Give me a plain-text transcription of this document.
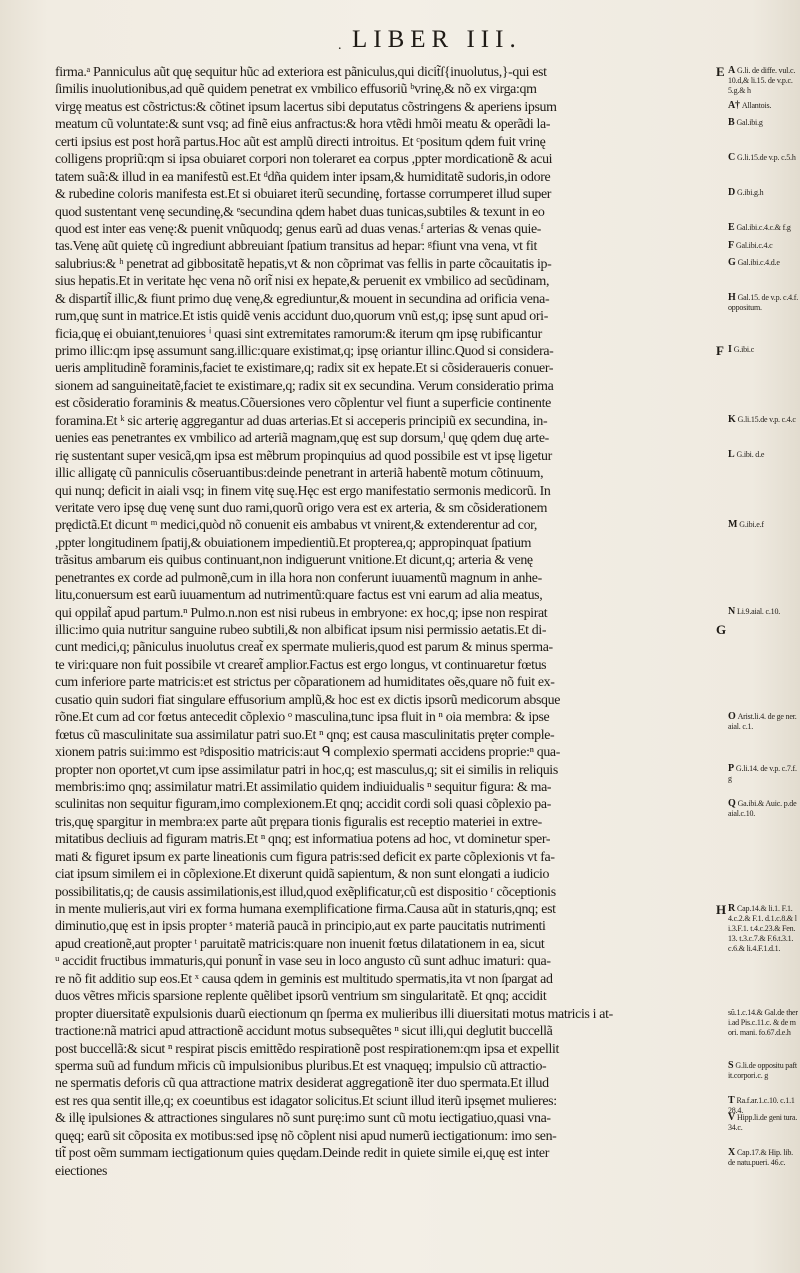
. LIBER III.
firma.ᵃ Panniculus aũt quę sequitur hũc ad exteriora est pãniculus,qui dicit̃ſ{inuolutus,}-qui est
ſimilis inuolutionibus,ad quẽ quidem penetrat ex vmbilico effusoriũ ᵇvrinę,& nõ ex virga:qm
virgę meatus est cõstrictus:& cõtinet ipsum lacertus sibi deputatus cõstringens & aperiens ipsum
meatum cũ voluntate:& sunt vsq; ad finẽ eius anfractus:& hora vtẽdi hmõi meatu & operãdi la-
certi ipsius est post horã partus.Hoc aũt est amplũ directi introitus. Et ᶜpositum qdem fuit vrinę
colligens propriũ:qm si ipsa obuiaret corpori non toleraret ea corpus ,ppter mordicationẽ & acui
tatem suã:& illud in ea manifestũ est.Et ᵈdña quidem inter ipsam,& humiditatẽ sudoris,in odore
& rubedine coloris manifesta est.Et si obuiaret iterũ secundinę, fortasse corrumperet illud super
quod sustentant venę secundinę,& ᵉsecundina qdem habet duas tunicas,subtiles & texunt in eo
quod est inter eas venę:& puenit vnũquodq; genus earũ ad duas venas.ᶠ arterias & venas quie-
tas.Venę aũt quietę cũ ingrediunt abbreuiant ſpatium transitus ad hepar: ᵍfiunt vna vena, vt fit
salubrius:& ʰ penetrat ad gibbositatẽ hepatis,vt & non cõprimat vas fellis in parte cõcauitatis ip-
sius hepatis.Et in veritate hęc vena nõ orit̃ nisi ex hepate,& peruenit ex vmbilico ad secũdinam,
& dispartit̃ illic,& fiunt primo duę venę,& egrediuntur,& mouent in secundina ad orificia vena-
rum,quę sunt in matrice.Et istis quidẽ venis accidunt duo,quorum vnũ est,q; ipsę sunt apud ori-
ficia,quę ei obuiant,tenuiores ⁱ quasi sint extremitates ramorum:& iterum qm ipsę rubificantur
primo illic:qm ipsę assumunt sang.illic:quare existimat,q; ipsę oriantur illinc.Quod si considera-
ueris amplitudinẽ foraminis,faciet te existimare,q; radix sit ex hepate.Et si cõsideraueris conuer-
sionem ad sanguineitatẽ,faciet te existimare,q; radix sit ex secundina. Verum consideratio prima
est cõsideratio foraminis & meatus.Cõuersiones vero cõplentur vel fiunt a superficie continente
foramina.Et ᵏ sic arterię aggregantur ad duas arterias.Et si acceperis principiũ ex secundina, in-
uenies eas penetrantes ex vmbilico ad arteriã magnam,quę est sup dorsum,ˡ quę qdem duę arte-
rię sustentant super vesicã,qm ipsa est mẽbrum propinquius ad quod possibile est vt ipsę ligetur
illic alligatę cũ panniculis cõseruantibus:deinde penetrant in arteriã habentẽ motum cõtinuum,
qui nunq; deficit in aiali vsq; in finem vitę suę.Hęc est ergo manifestatio sermonis medicorũ. In
veritate vero ipsę duę venę sunt duo rami,quorũ origo vera est ex arteria, & sm cõsiderationem
prędictã.Et dicunt ᵐ medici,quòd nõ conuenit eis ambabus vt vnirent,& extenderentur ad cor,
,ppter longitudinem ſpatij,& obuiationem impedientiũ.Et propterea,q; appropinquat ſpatium
trãsitus ambarum eis quibus continuant,non indiguerunt vnitione.Et dicunt,q; arteria & venę
penetrantes ex corde ad pulmonẽ,cum in illa hora non conferunt iuuamentũ magnum in anhe-
litu,conuersum est earũ iuuamentum ad nutrimentũ:quare factus est vni earum ad alia meatus,
qui oppilat̃ apud partum.ⁿ Pulmo.n.non est nisi rubeus in embryone: ex hoc,q; ipse non respirat
illic:imo quia nutritur sanguine rubeo subtili,& non albificat ipsum nisi permissio aetatis.Et di-
cunt medici,q; pãniculus inuolutus creat̃ ex spermate mulieris,quod est parum & minus sperma-
te viri:quare non fuit possibile vt crearet̃ amplior.Factus est ergo longus, vt continuaretur fœtus
cum inferiore parte matricis:et est strictus per cõparationem ad humiditates oẽs,quare nõ fuit ex-
cusatio quin sudori fiat singulare effusorium amplũ,& hoc est ex dictis ipsorũ medicorum absque
rõne.Et cum ad cor fœtus antecedit cõplexio ᵒ masculina,tunc ipsa fluit in ⁿ oia membra: & ipse
fœtus cũ masculinitate sua assimilatur patri suo.Et ⁿ qnq; est causa masculinitatis pręter comple-
xionem patris sui:immo est ᵖdispositio matricis:aut ᑫ complexio spermati accidens proprie:ⁿ qua-
propter non oportet,vt cum ipse assimilatur patri in hoc,q; est masculus,q; sit ei similis in reliquis
membris:imo qnq; assimilatur matri.Et assimilatio quidem indiuidualis ⁿ sequitur figura: & ma-
sculinitas non sequitur figuram,imo complexionem.Et qnq; accidit cordi soli quasi cõplexio pa-
tris,quę spargitur in membra:ex parte aũt prępara tionis figuralis est receptio materiei in extre-
mitatibus decliuis ad figuram matris.Et ⁿ qnq; est informatiua potens ad hoc, vt dominetur sper-
mati & figuret ipsum ex parte lineationis cum figura patris:sed deficit ex parte cõplexionis vt fa-
ciat ipsum similem ei in cõplexione.Et dixerunt quidã sapientum, & non sunt elongati a iudicio
possibilitatis,q; de causis assimilationis,est illud,quod exẽplificatur,cũ est dispositio ʳ cõceptionis
in mente mulieris,aut viri ex forma humana exemplificatione firma.Causa aũt in staturis,qnq; est
diminutio,quę est in ipsis propter ˢ materiã paucã in principio,aut ex parte paucitatis nutrimenti
apud creationẽ,aut propter ᵗ paruitatẽ matricis:quare non inuenit fœtus dilatationem in ea, sicut
ᵘ accidit fructibus immaturis,qui ponunt̃ in vase seu in loco angusto cũ sunt adhuc imaturi: qua-
re nõ fit additio sup eos.Et ˣ causa qdem in geminis est multitudo spermatis,ita vt non ſpargat ad
duos vẽtres mřicis sparsione replente quẽlibet ipsorũ ventrium sm singularitatẽ. Et qnq; accidit
propter diuersitatẽ expulsionis duarũ eiectionum qn ſperma ex mulieribus illi diuersitati motus matricis i at-
tractione:nã matrici apud attractionẽ accidunt motus subsequẽtes ⁿ sicut illi,qui deglutit buccellã
post buccellã:& sicut ⁿ respirat piscis emittẽdo respirationẽ post respirationem:qm ipsa et expellit
sperma suũ ad fundum mřicis cũ impulsionibus pluribus.Et est vnaquęq; impulsio cũ attractio-
ne spermatis deforis cũ qua attractione matrix desiderat aggregationẽ iter duo spermata.Et illud
est res qua sentit ille,q; ex coeuntibus est idagator solicitus.Et sciunt illud iterũ ipsęmet mulieres:
& illę ipulsiones & attractiones singulares nõ sunt purę:imo sunt cũ motu iectigatiuo,quasi vna-
quęq; earũ sit cõposita ex motibus:sed ipsę nõ cõplent nisi apud numerũ iectigationum: imo sen-
tit̃ post oẽm summam iectigationum quies quędam.Deinde redit in quiete simile ei,quę est inter
eiectiones
A G.li. de diffe. vul.c.10.d,& li.15. de v.p.c.5.g.& h
A† Allantois.
B Gal.ibi.g
C G.li.15.de v.p. c.5.h
D G.ibi.g.h
E Gal.ibi.c.4.c.& f.g
F Gal.ibi.c.4.c
G Gal.ibi.c.4.d.e
H Gal.15. de v.p. c.4.f.oppositum.
I G.ibi.c
K G.li.15.de v.p. c.4.c
L G.ibi. d.e
M G.ibi.e.f
N Li.9.aial. c.10.
O Arist.li.4. de ge ner.aial. c.1.
P G.li.14. de v.p. c.7.f.g
Q Ga.ibi.& Auic. p.de aial.c.10.
R Cap.14.& li.1. F.1.4.c.2.& F.1. d.1.c.8.& li.3.F.1. t.4.c.23.& Fen.13. t.3.c.7.& F.6.t.3.1. c.6.& li.4.F.1.d.1.
sũ.1.c.14.& Gal.de theri.ad Pis.c.11.c. & de mori. mani. fo.67.d.e.h
S G.li.de oppositu paftit.corpori.c. g
T Ra.f.ar.1.c.10. c.1.128.4.
V Hipp.li.de geni tura.34.c.
X Cap.17.& Hip. lib. de natu.pueri. 46.c.
E
F
G
H
